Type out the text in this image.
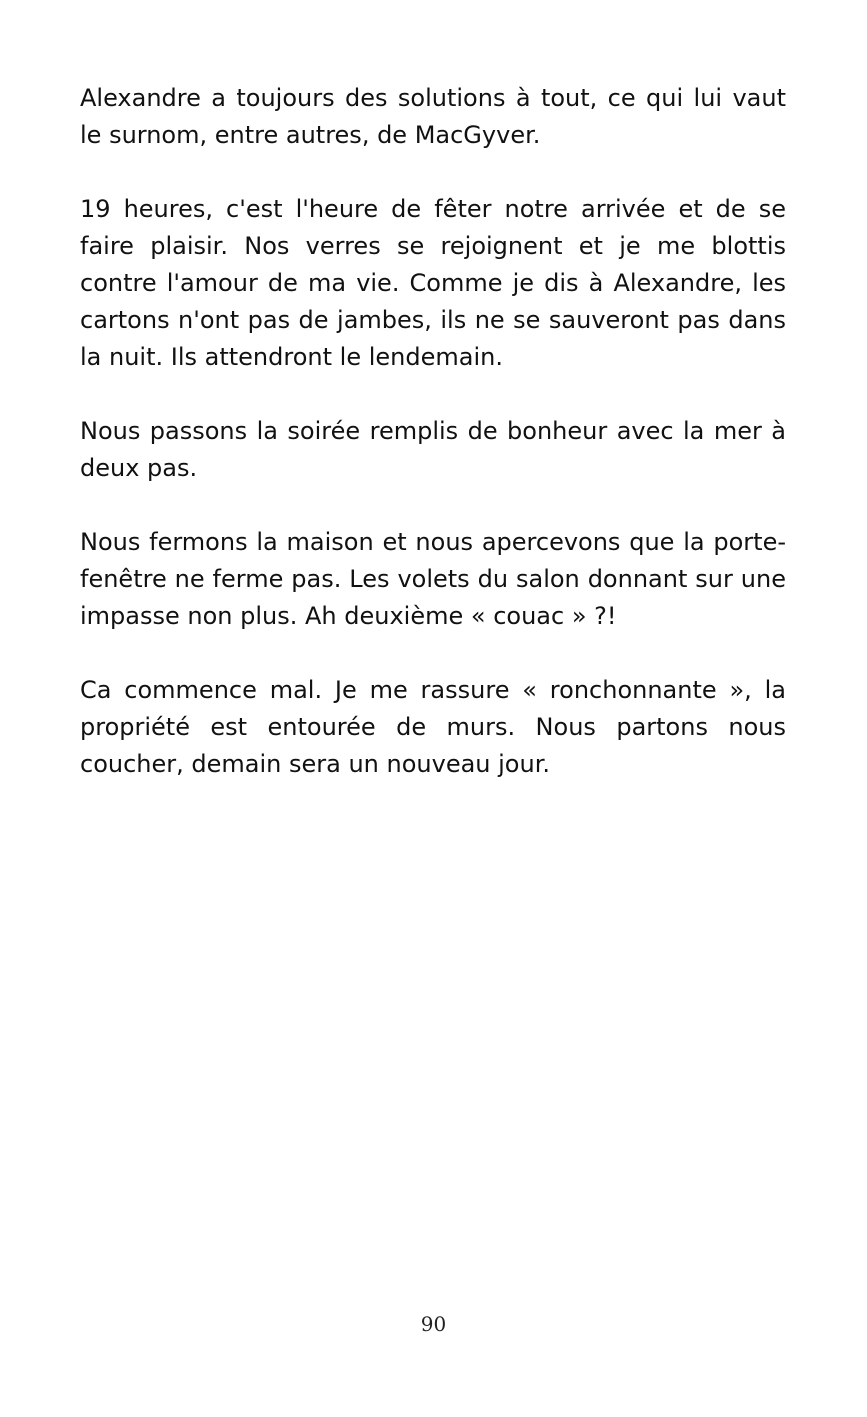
Alexandre a toujours des solutions à tout, ce qui lui vaut le surnom, entre autres, de MacGyver.

19 heures, c'est l'heure de fêter notre arrivée et de se faire plaisir. Nos verres se rejoignent et je me blottis contre l'amour de ma vie. Comme je dis à Alexandre, les cartons n'ont pas de jambes, ils ne se sauveront pas dans la nuit. Ils attendront le lendemain.

Nous passons la soirée remplis de bonheur avec la mer à deux pas.

Nous fermons la maison et nous apercevons que la porte-fenêtre ne ferme pas. Les volets du salon donnant sur une impasse non plus. Ah deuxième « couac » ?!

Ca commence mal. Je me rassure « ronchonnante », la propriété est entourée de murs. Nous partons nous coucher, demain sera un nouveau jour.

90
